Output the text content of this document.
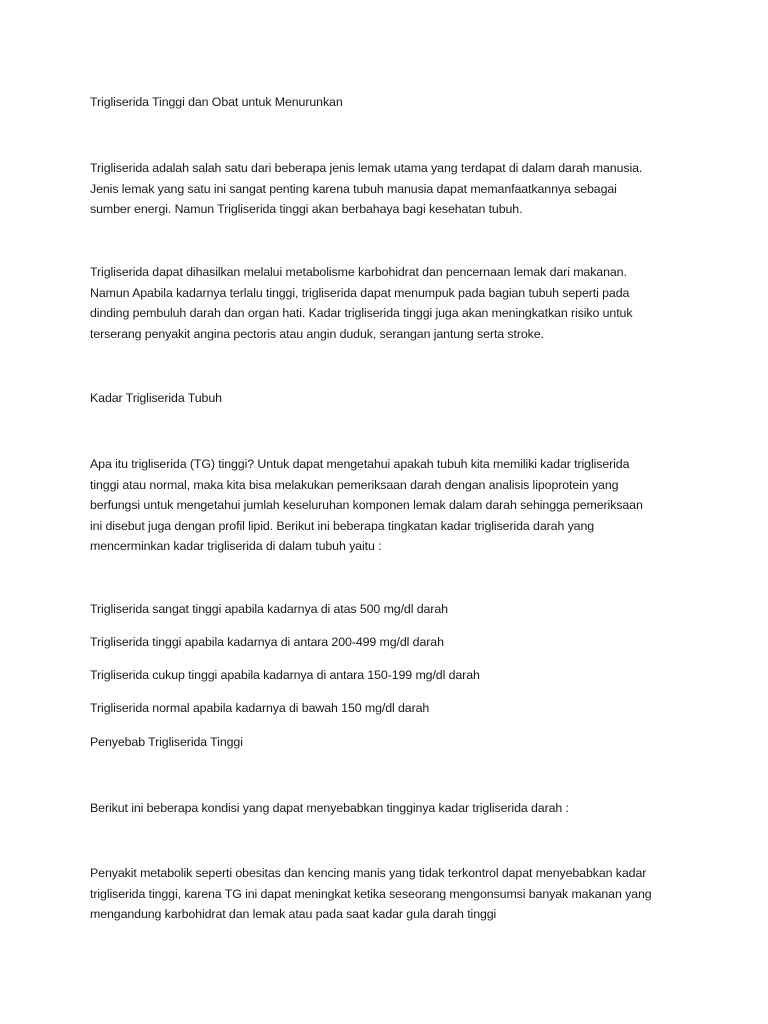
Trigliserida Tinggi dan Obat untuk Menurunkan

Trigliserida adalah salah satu dari beberapa jenis lemak utama yang terdapat di dalam darah manusia.
Jenis lemak yang satu ini sangat penting karena tubuh manusia dapat memanfaatkannya sebagai
sumber energi. Namun Trigliserida tinggi akan berbahaya bagi kesehatan tubuh.

Trigliserida dapat dihasilkan melalui metabolisme karbohidrat dan pencernaan lemak dari makanan.
Namun Apabila kadarnya terlalu tinggi, trigliserida dapat menumpuk pada bagian tubuh seperti pada
dinding pembuluh darah dan organ hati. Kadar trigliserida tinggi juga akan meningkatkan risiko untuk
terserang penyakit angina pectoris atau angin duduk, serangan jantung serta stroke.

Kadar Trigliserida Tubuh

Apa itu trigliserida (TG) tinggi? Untuk dapat mengetahui apakah tubuh kita memiliki kadar trigliserida
tinggi atau normal, maka kita bisa melakukan pemeriksaan darah dengan analisis lipoprotein yang
berfungsi untuk mengetahui jumlah keseluruhan komponen lemak dalam darah sehingga pemeriksaan
ini disebut juga dengan profil lipid. Berikut ini beberapa tingkatan kadar trigliserida darah yang
mencerminkan kadar trigliserida di dalam tubuh yaitu :

Trigliserida sangat tinggi apabila kadarnya di atas 500 mg/dl darah

Trigliserida tinggi apabila kadarnya di antara 200-499 mg/dl darah

Trigliserida cukup tinggi apabila kadarnya di antara 150-199 mg/dl darah

Trigliserida normal apabila kadarnya di bawah 150 mg/dl darah

Penyebab Trigliserida Tinggi

Berikut ini beberapa kondisi yang dapat menyebabkan tingginya kadar trigliserida darah :

Penyakit metabolik seperti obesitas dan kencing manis yang tidak terkontrol dapat menyebabkan kadar
trigliserida tinggi, karena TG ini dapat meningkat ketika seseorang mengonsumsi banyak makanan yang
mengandung karbohidrat dan lemak atau pada saat kadar gula darah tinggi
